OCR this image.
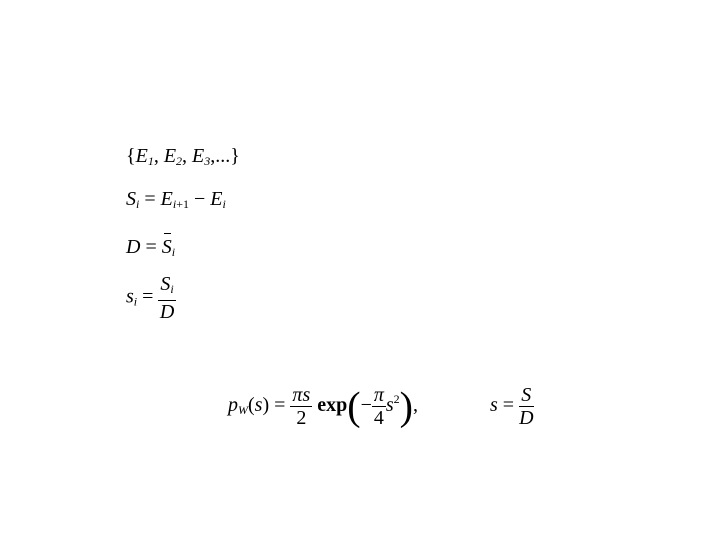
{$E_1$, $E_2$, $E_3$,...}
$S_i = E_{i+1} - E_i$
$D = S_i$
$s_i = \frac{S_i}{D}$
$p_W(s) = \frac{\pi s}{2} \exp(- \frac{\pi}{4} s^2)$,	$s = \frac{S}{D}$
